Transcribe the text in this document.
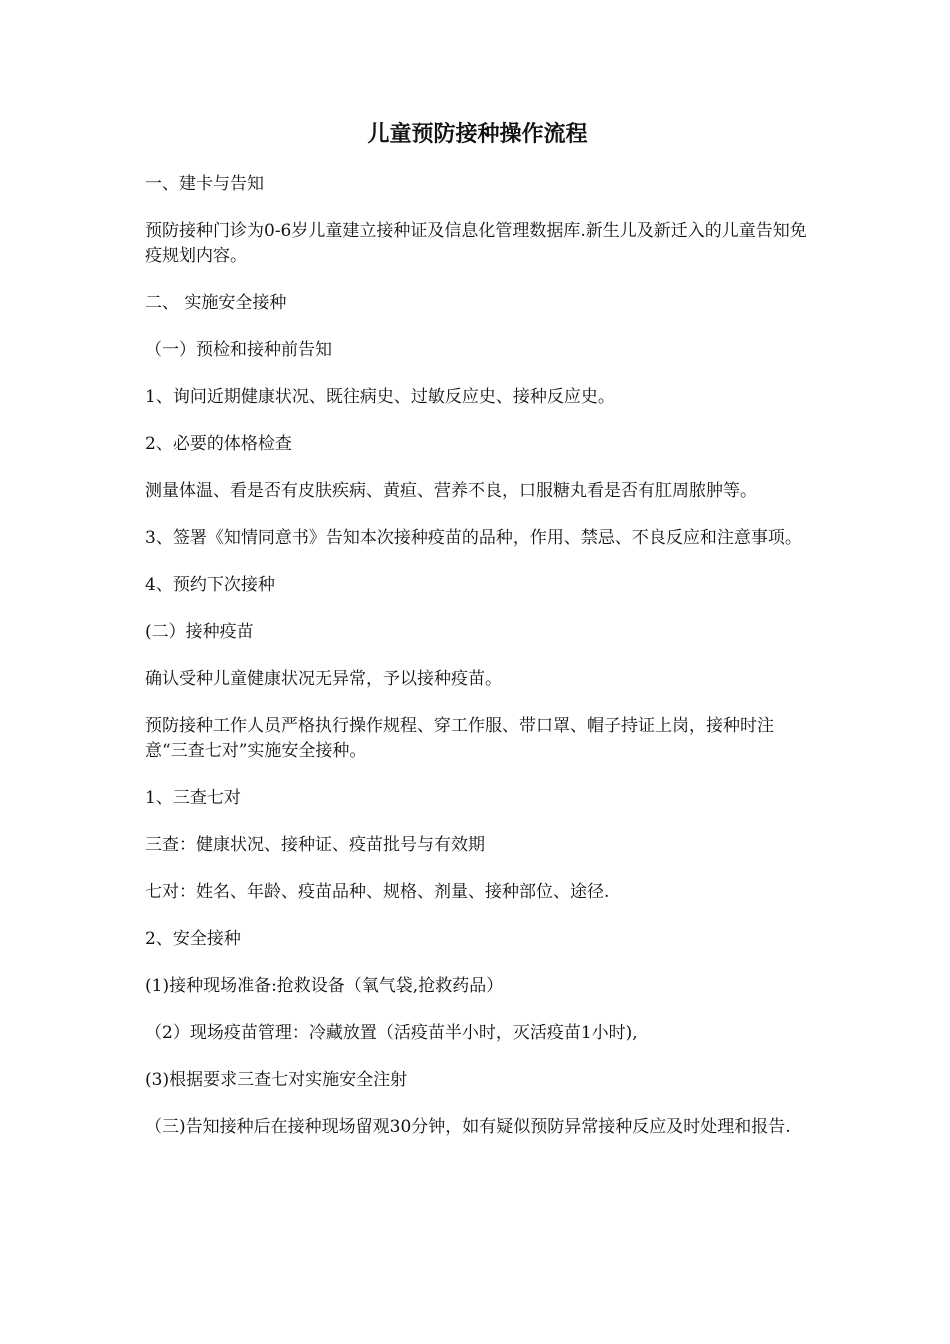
儿童预防接种操作流程

一、建卡与告知

预防接种门诊为0-6岁儿童建立接种证及信息化管理数据库.新生儿及新迁入的儿童告知免疫规划内容。

二、 实施安全接种

（一）预检和接种前告知

1、询问近期健康状况、既往病史、过敏反应史、接种反应史。

2、必要的体格检查

测量体温、看是否有皮肤疾病、黄疸、营养不良，口服糖丸看是否有肛周脓肿等。

3、签署《知情同意书》告知本次接种疫苗的品种，作用、禁忌、不良反应和注意事项。

4、预约下次接种

(二）接种疫苗

确认受种儿童健康状况无异常，予以接种疫苗。

预防接种工作人员严格执行操作规程、穿工作服、带口罩、帽子持证上岗，接种时注意“三查七对”实施安全接种。

1、三查七对

三查：健康状况、接种证、疫苗批号与有效期

七对：姓名、年龄、疫苗品种、规格、剂量、接种部位、途径.

2、安全接种

(1)接种现场准备:抢救设备（氧气袋,抢救药品）

（2）现场疫苗管理：冷藏放置（活疫苗半小时，灭活疫苗1小时),

(3)根据要求三查七对实施安全注射

（三)告知接种后在接种现场留观30分钟，如有疑似预防异常接种反应及时处理和报告.
